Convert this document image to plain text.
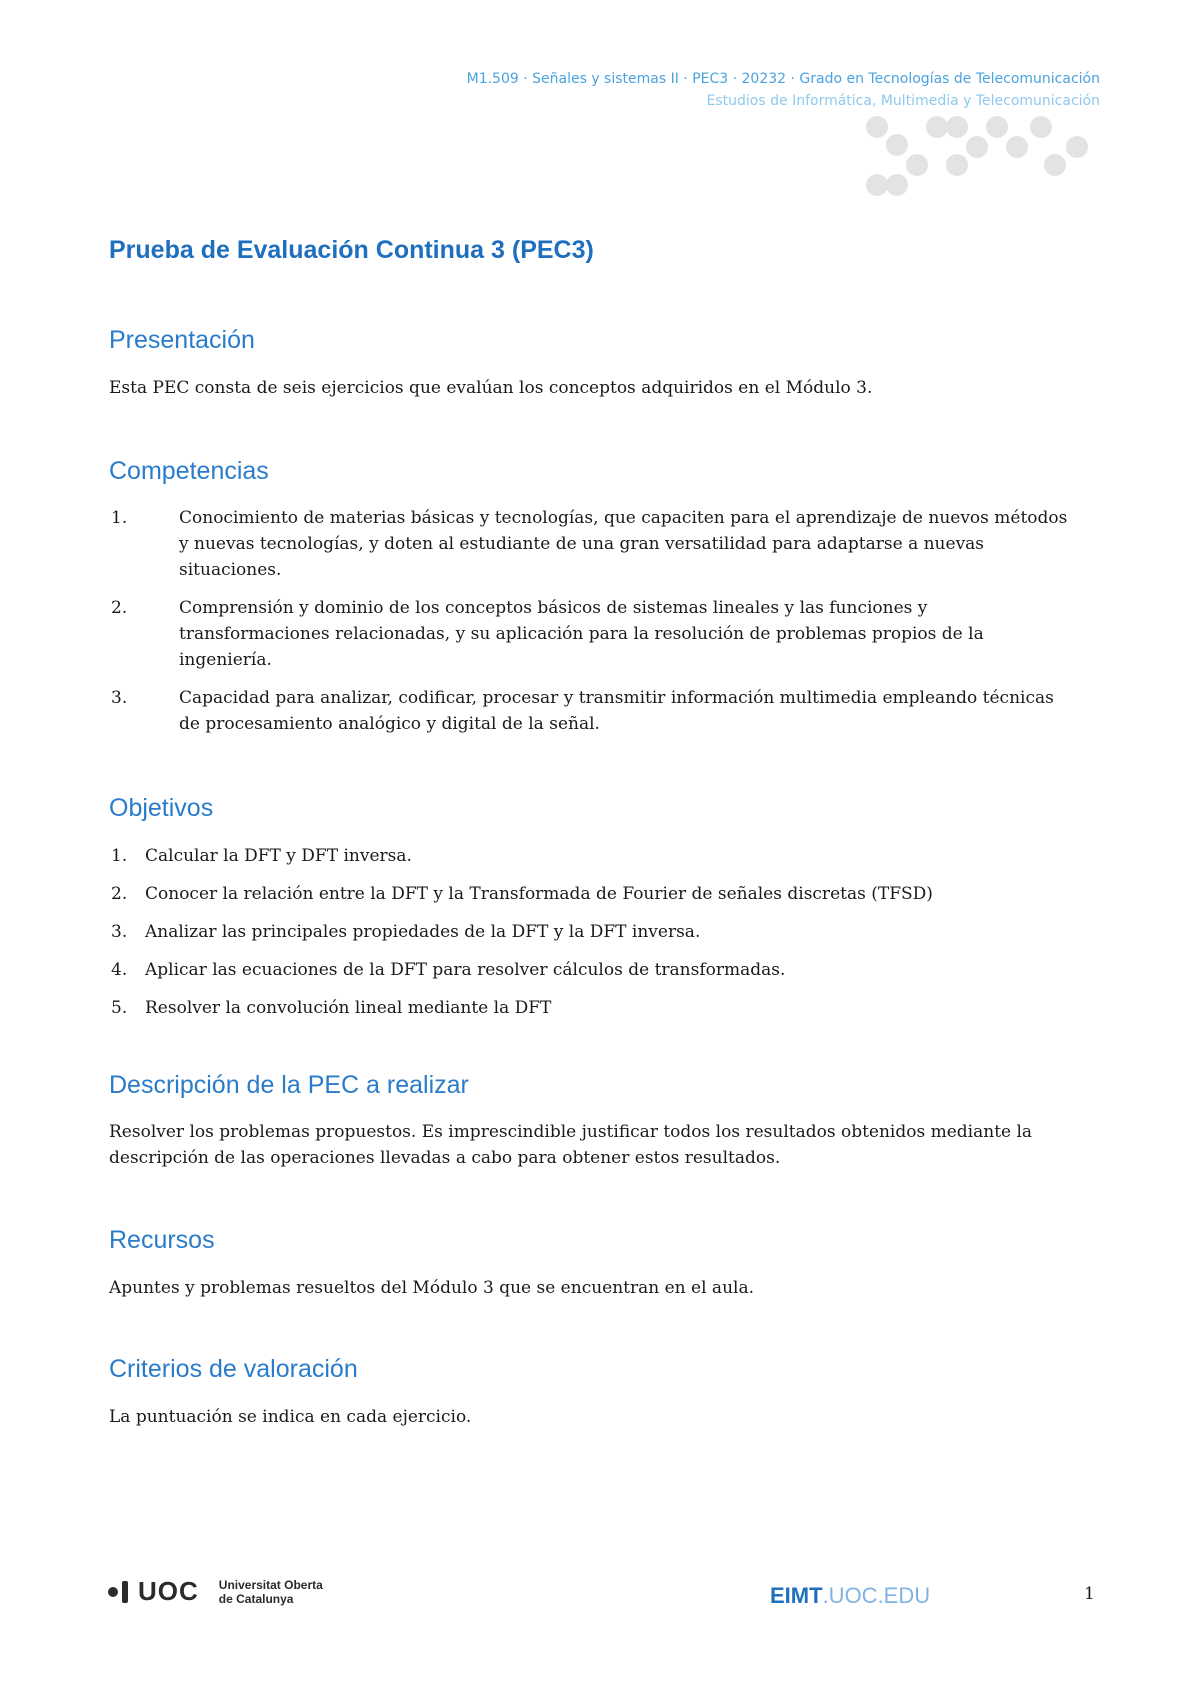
M1.509 · Señales y sistemas II · PEC3 · 20232 · Grado en Tecnologías de Telecomunicación
Estudios de Informática, Multimedia y Telecomunicación
Prueba de Evaluación Continua 3 (PEC3)
Presentación
Esta PEC consta de seis ejercicios que evalúan los conceptos adquiridos en el Módulo 3.
Competencias
1.	Conocimiento de materias básicas y tecnologías, que capaciten para el aprendizaje de nuevos métodos y nuevas tecnologías, y doten al estudiante de una gran versatilidad para adaptarse a nuevas situaciones.
2.	Comprensión y dominio de los conceptos básicos de sistemas lineales y las funciones y transformaciones relacionadas, y su aplicación para la resolución de problemas propios de la ingeniería.
3.	Capacidad para analizar, codificar, procesar y transmitir información multimedia empleando técnicas de procesamiento analógico y digital de la señal.
Objetivos
1. Calcular la DFT y DFT inversa.
2. Conocer la relación entre la DFT y la Transformada de Fourier de señales discretas (TFSD)
3. Analizar las principales propiedades de la DFT y la DFT inversa.
4. Aplicar las ecuaciones de la DFT para resolver cálculos de transformadas.
5. Resolver la convolución lineal mediante la DFT
Descripción de la PEC a realizar
Resolver los problemas propuestos. Es imprescindible justificar todos los resultados obtenidos mediante la descripción de las operaciones llevadas a cabo para obtener estos resultados.
Recursos
Apuntes y problemas resueltos del Módulo 3 que se encuentran en el aula.
Criterios de valoración
La puntuación se indica en cada ejercicio.
UOC Universitat Oberta
de Catalunya	EIMT.UOC.EDU	1
